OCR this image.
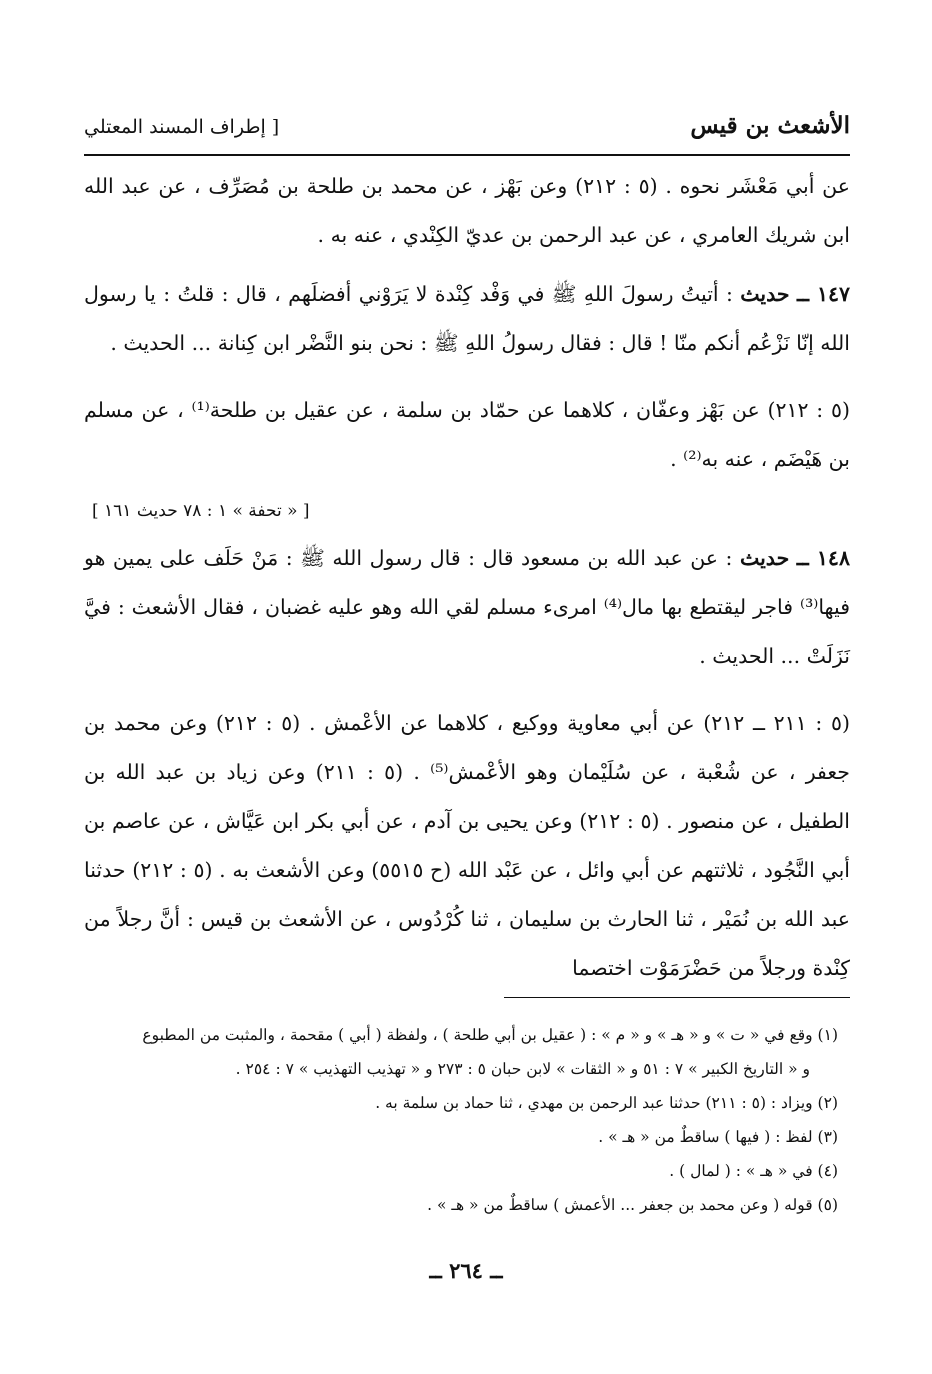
الأشعث بن قيس
[ إطراف المسند المعتلي

عن أبي مَعْشَر نحوه . (٥ : ٢١٢) وعن بَهْز ، عن محمد بن طلحة بن مُصَرِّف ، عن عبد الله ابن شريك العامري ، عن عبد الرحمن بن عديّ الكِنْدي ، عنه به .

١٤٧ ــ حديث : أتيتُ رسولَ اللهِ ﷺ في وَفْد كِنْدة لا يَرَوْني أفضلَهم ، قال : قلتُ : يا رسول الله إنّا نَزْعُم أنكم منّا ! قال : فقال رسولُ اللهِ ﷺ : نحن بنو النَّضْر ابن كِنانة ... الحديث .

(٥ : ٢١٢) عن بَهْز وعفّان ، كلاهما عن حمّاد بن سلمة ، عن عقيل بن طلحة⁽¹⁾ ، عن مسلم بن هَيْضَم ، عنه به⁽²⁾ .

[ « تحفة » ١ : ٧٨ حديث ١٦١ ]

١٤٨ ــ حديث : عن عبد الله بن مسعود قال : قال رسول الله ﷺ : مَنْ حَلَف على يمين هو فيها⁽³⁾ فاجر ليقتطع بها مال⁽⁴⁾ امرىء مسلم لقي الله وهو عليه غضبان ، فقال الأشعث : فيَّ نَزَلَتْ ... الحديث .

(٥ : ٢١١ ــ ٢١٢) عن أبي معاوية ووكيع ، كلاهما عن الأعْمش . (٥ : ٢١٢) وعن محمد بن جعفر ، عن شُعْبة ، عن سُلَيْمان وهو الأعْمش⁽⁵⁾ . (٥ : ٢١١) وعن زياد بن عبد الله بن الطفيل ، عن منصور . (٥ : ٢١٢) وعن يحيى بن آدم ، عن أبي بكر ابن عَيَّاش ، عن عاصم بن أبي النَّجُود ، ثلاثتهم عن أبي وائل ، عن عَبْد الله (ح ٥٥١٥) وعن الأشعث به . (٥ : ٢١٢) حدثنا عبد الله بن نُمَيْر ، ثنا الحارث بن سليمان ، ثنا كُرْدُوس ، عن الأشعث بن قيس : أنَّ رجلاً من كِنْدة ورجلاً من حَضْرَمَوْت اختصما

(١) وقع في « ت » و « هـ » و « م » : ( عقيل بن أبي طلحة ) ، ولفظة ( أبي ) مقحمة ، والمثبت من المطبوع
و « التاريخ الكبير » ٧ : ٥١ و « الثقات » لابن حبان ٥ : ٢٧٣ و « تهذيب التهذيب » ٧ : ٢٥٤ .

(٢) ويزاد : (٥ : ٢١١) حدثنا عبد الرحمن بن مهدي ، ثنا حماد بن سلمة به .

(٣) لفظ : ( فيها ) ساقطٌ من « هـ » .

(٤) في « هـ » : ( لمال ) .

(٥) قوله ( وعن محمد بن جعفر ... الأعمش ) ساقطٌ من « هـ » .

ــ ٢٦٤ ــ
